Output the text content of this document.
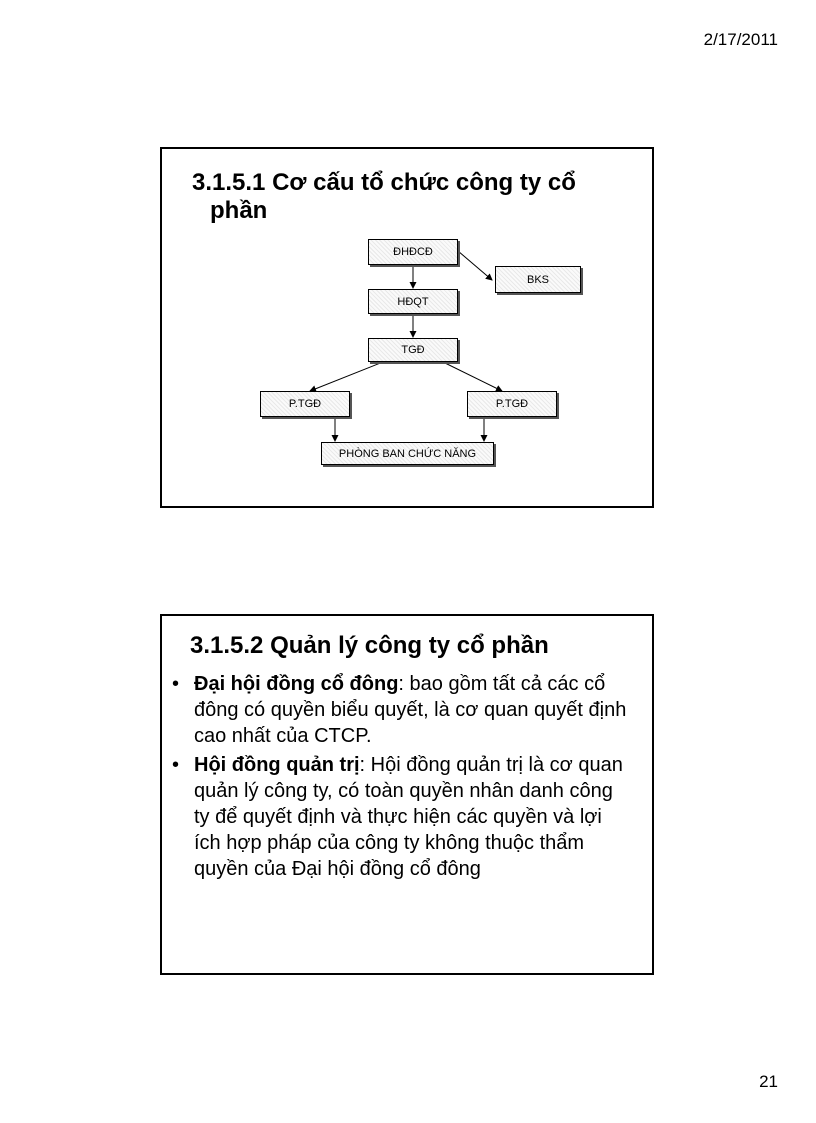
2/17/2011
3.1.5.1 Cơ cấu tổ chức công ty cổ
phần
ĐHĐCĐ
BKS
HĐQT
TGĐ
P.TGĐ	P.TGĐ
PHÒNG BAN CHỨC NĂNG
3.1.5.2 Quản lý công ty cổ phần
• Đại hội đồng cổ đông: bao gồm tất cả các cổ đông có quyền biểu quyết, là cơ quan quyết định cao nhất của CTCP.
• Hội đồng quản trị: Hội đồng quản trị là cơ quan quản lý công ty, có toàn quyền nhân danh công ty để quyết định và thực hiện các quyền và lợi ích hợp pháp của công ty không thuộc thẩm quyền của Đại hội đồng cổ đông
21
